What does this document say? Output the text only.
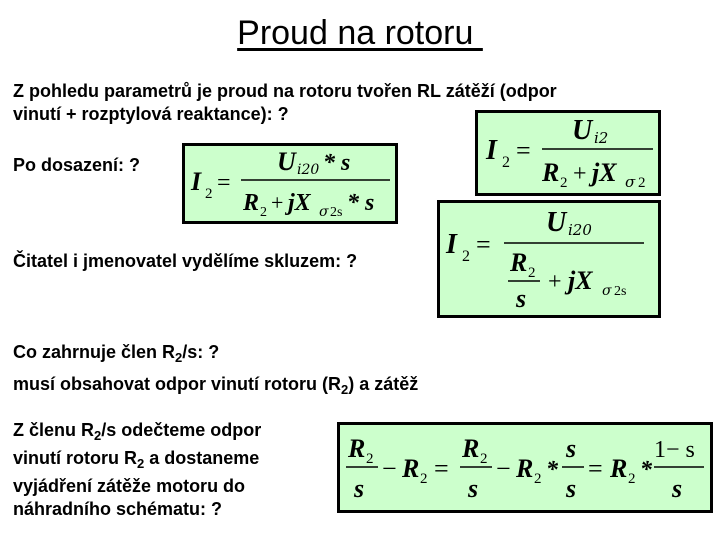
Proud na rotoru
Z pohledu parametrů je proud na rotoru tvořen RL zátěží (odpor
vinutí + rozptylová reaktance): ?
Po dosazení: ?
Čitatel i jmenovatel vydělíme skluzem: ?
Co zahrnuje člen $R_2/s$: ?
musí obsahovat odpor vinutí rotoru $(R_2)$ a zátěž
Z členu $R_2/s$ odečteme odpor
vinutí rotoru $R_2$ a dostaneme
vyjádření zátěže motoru do
náhradního schématu: ?
I 2 =
U i2
R 2 + jX σ 2
I 2 =
U i20 * s
R 2 + jX σ 2s * s
I 2 =
U i20
R 2
s
+ jX σ 2s
R 2
s
− R 2 =
R 2
s
− R 2 *
s
s
= R 2 *
1− s
s
